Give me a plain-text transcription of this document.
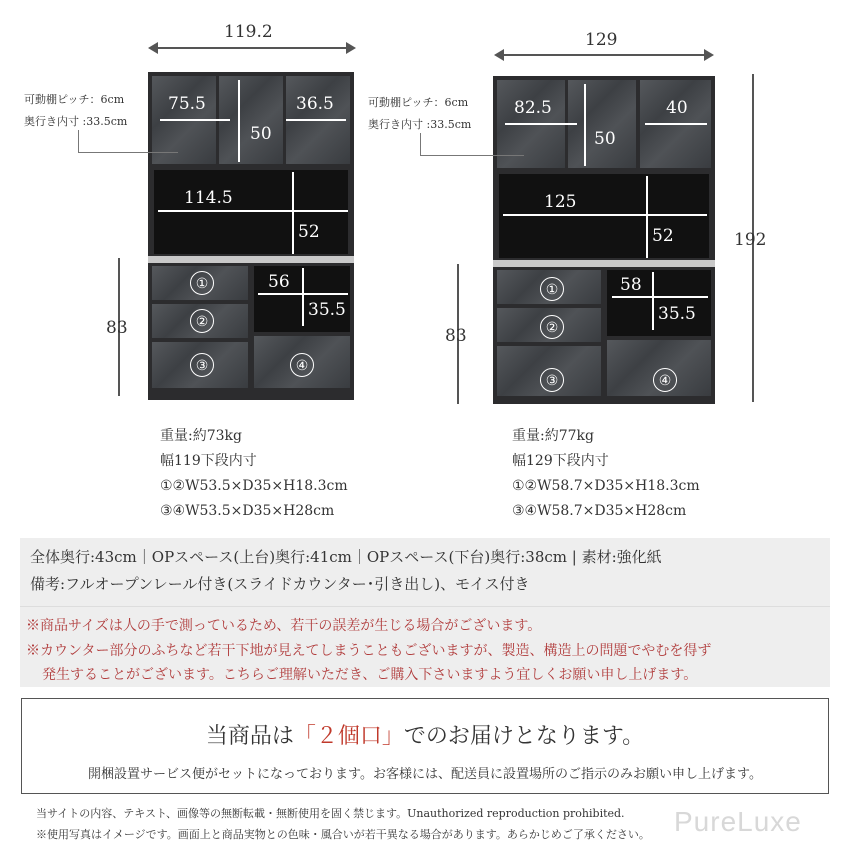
119.2
①
②
③	④
75.5	36.5
50
114.5
52
56
35.5
83
可動棚ピッチ：6cm
奥行き内寸 :33.5cm
重量:約73kg
幅119下段内寸
①②W53.5×D35×H18.3cm
③④W53.5×D35×H28cm
129
①
②
③	④
82.5	40
50
125
52
58
35.5
83
192
可動棚ピッチ：6cm
奥行き内寸 :33.5cm
重量:約77kg
幅129下段内寸
①②W58.7×D35×H18.3cm
③④W58.7×D35×H28cm
全体奥行:43cm｜OPスペース(上台)奥行:41cm｜OPスペース(下台)奥行:38cm | 素材:強化紙
備考:フルオープンレール付き(スライドカウンター･引き出し)、モイス付き
※商品サイズは人の手で測っているため、若干の誤差が生じる場合がございます。
※カウンター部分のふちなど若干下地が見えてしまうこともございますが、製造、構造上の問題でやむを得ず
発生することがございます。こちらご理解いただき、ご購入下さいますよう宜しくお願い申し上げます。
当商品は「２個口」でのお届けとなります。
開梱設置サービス便がセットになっております。お客様には、配送員に設置場所のご指示のみお願い申し上げます。
当サイトの内容、テキスト、画像等の無断転載・無断使用を固く禁じます。Unauthorized reproduction prohibited.
※使用写真はイメージです。画面上と商品実物との色味・風合いが若干異なる場合があります。あらかじめご了承ください。 PureLuxe
